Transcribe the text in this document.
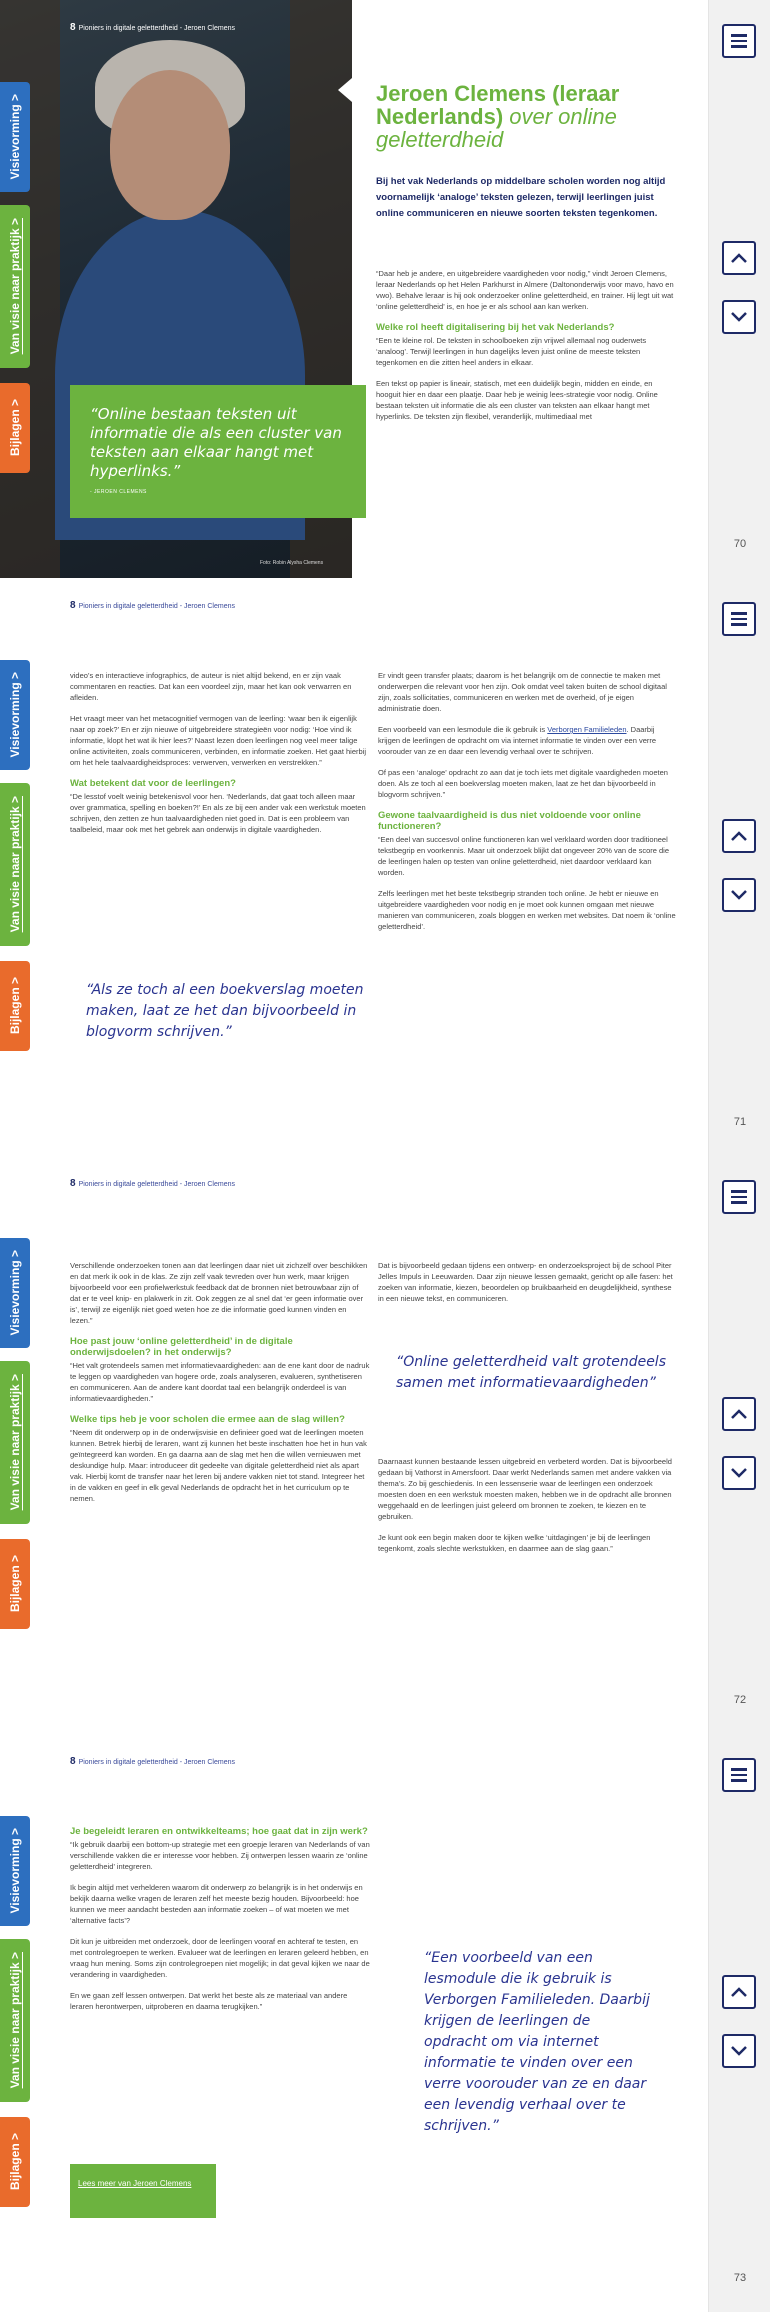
8 Pioniers in digitale geletterdheid - Jeroen Clemens
Foto: Robin Alysha Clemens
“Online bestaan teksten uit informatie die als een cluster van teksten aan elkaar hangt met hyperlinks.”
- JEROEN CLEMENS
Visievorming >
Van visie naar praktijk >
Bijlagen >
Jeroen Clemens (leraar Nederlands) over online geletterdheid
Bij het vak Nederlands op middelbare scholen worden nog altijd voornamelijk ‘analoge’ teksten gelezen, terwijl leerlingen juist online communiceren en nieuwe soorten teksten tegenkomen.

“Daar heb je andere, en uitgebreidere vaardigheden voor nodig,” vindt Jeroen Clemens, leraar Nederlands op het Helen Parkhurst in Almere (Daltononderwijs voor mavo, havo en vwo). Behalve leraar is hij ook onderzoeker online geletterdheid, en trainer. Hij legt uit wat ‘online geletterdheid’ is, en hoe je er als school aan kan werken.

Welke rol heeft digitalisering bij het vak Nederlands?

“Een te kleine rol. De teksten in schoolboeken zijn vrijwel allemaal nog ouderwets ‘analoog’. Terwijl leerlingen in hun dagelijks leven juist online de meeste teksten tegenkomen en die zitten heel anders in elkaar.

Een tekst op papier is lineair, statisch, met een duidelijk begin, midden en einde, en hooguit hier en daar een plaatje. Daar heb je weinig lees-strategie voor nodig. Online bestaan teksten uit informatie die als een cluster van teksten aan elkaar hangt met hyperlinks. De teksten zijn flexibel, veranderlijk, multimediaal met

70
8 Pioniers in digitale geletterdheid - Jeroen Clemens
Visievorming >
Van visie naar praktijk >
Bijlagen >

video’s en interactieve infographics, de auteur is niet altijd bekend, en er zijn vaak commentaren en reacties. Dat kan een voordeel zijn, maar het kan ook verwarren en afleiden.

Het vraagt meer van het metacognitief vermogen van de leerling: ‘waar ben ik eigenlijk naar op zoek?’ En er zijn nieuwe of uitgebreidere strategieën voor nodig: ‘Hoe vind ik informatie, klopt het wat ik hier lees?’ Naast lezen doen leerlingen nog veel meer talige online activiteiten, zoals communiceren, verbinden, en informatie zoeken. Het gaat hierbij om het hele taalvaardigheidsproces: verwerven, verwerken en verstrekken.”

Wat betekent dat voor de leerlingen?

“De lesstof voelt weinig betekenisvol voor hen. ‘Nederlands, dat gaat toch alleen maar over grammatica, spelling en boeken?!’ En als ze bij een ander vak een werkstuk moeten schrijven, den zetten ze hun taalvaardigheden niet goed in. Dat is een probleem van taalbeleid, maar ook met het gebrek aan onderwijs in digitale vaardigheden.

“Als ze toch al een boekverslag moeten maken, laat ze het dan bijvoorbeeld in blogvorm schrijven.”

Er vindt geen transfer plaats; daarom is het belangrijk om de connectie te maken met onderwerpen die relevant voor hen zijn. Ook omdat veel taken buiten de school digitaal zijn, zoals sollicitaties, communiceren en werken met de overheid, of je eigen administratie doen.

Een voorbeeld van een lesmodule die ik gebruik is Verborgen Familieleden. Daarbij krijgen de leerlingen de opdracht om via internet informatie te vinden over een verre voorouder van ze en daar een levendig verhaal over te schrijven.

Of pas een ‘analoge’ opdracht zo aan dat je toch iets met digitale vaardigheden moeten doen. Als ze toch al een boekverslag moeten maken, laat ze het dan bijvoorbeeld in blogvorm schrijven.”

Gewone taalvaardigheid is dus niet voldoende voor online functioneren?

“Een deel van succesvol online functioneren kan wel verklaard worden door traditioneel tekstbegrip en voorkennis. Maar uit onderzoek blijkt dat ongeveer 20% van de score die de leerlingen halen op testen van online geletterdheid, niet daardoor verklaard kan worden.

Zelfs leerlingen met het beste tekstbegrip stranden toch online. Je hebt er nieuwe en uitgebreidere vaardigheden voor nodig en je moet ook kunnen omgaan met nieuwe manieren van communiceren, zoals bloggen en werken met websites. Dat noem ik ‘online geletterdheid’.

71
8 Pioniers in digitale geletterdheid - Jeroen Clemens
Visievorming >
Van visie naar praktijk >
Bijlagen >

Verschillende onderzoeken tonen aan dat leerlingen daar niet uit zichzelf over beschikken en dat merk ik ook in de klas. Ze zijn zelf vaak tevreden over hun werk, maar krijgen bijvoorbeeld voor een profielwerkstuk feedback dat de bronnen niet betrouwbaar zijn of dat er te veel knip- en plakwerk in zit. Ook zeggen ze al snel dat ‘er geen informatie over is’, terwijl ze eigenlijk niet goed weten hoe ze die informatie goed kunnen vinden en lezen.”

Hoe past jouw ‘online geletterdheid’ in de digitale onderwijsdoelen? in het onderwijs?

“Het valt grotendeels samen met informatievaardigheden: aan de ene kant door de nadruk te leggen op vaardigheden van hogere orde, zoals analyseren, evalueren, synthetiseren en communiceren. Aan de andere kant doordat taal een belangrijk onderdeel is van informatievaardigheden.”

Welke tips heb je voor scholen die ermee aan de slag willen?

“Neem dit onderwerp op in de onderwijsvisie en definieer goed wat de leerlingen moeten kunnen. Betrek hierbij de leraren, want zij kunnen het beste inschatten hoe het in hun vak geïntegreerd kan worden. En ga daarna aan de slag met hen die willen vernieuwen met deskundige hulp. Maar: introduceer dit gedeelte van digitale geletterdheid niet als apart vak. Hierbij komt de transfer naar het leren bij andere vakken niet tot stand. Integreer het in de vakken en geef in elk geval Nederlands de opdracht het in het curriculum op te nemen.

Dat is bijvoorbeeld gedaan tijdens een ontwerp- en onderzoeksproject bij de school Piter Jelles Impuls in Leeuwarden. Daar zijn nieuwe lessen gemaakt, gericht op alle fasen: het zoeken van informatie, kiezen, beoordelen op bruikbaarheid en deugdelijkheid, synthese in een nieuwe tekst, en communiceren.

“Online geletterdheid valt grotendeels samen met informatievaardigheden”

Daarnaast kunnen bestaande lessen uitgebreid en verbeterd worden. Dat is bijvoorbeeld gedaan bij Vathorst in Amersfoort. Daar werkt Nederlands samen met andere vakken via thema’s. Zo bij geschiedenis. In een lessenserie waar de leerlingen een onderzoek moesten doen en een werkstuk moesten maken, hebben we in de opdracht alle bronnen weggehaald en de leerlingen juist geleerd om bronnen te zoeken, te kiezen en te gebruiken.

Je kunt ook een begin maken door te kijken welke ‘uitdagingen’ je bij de leerlingen tegenkomt, zoals slechte werkstukken, en daarmee aan de slag gaan.”

72
8 Pioniers in digitale geletterdheid - Jeroen Clemens
Visievorming >
Van visie naar praktijk >
Bijlagen >
Je begeleidt leraren en ontwikkelteams; hoe gaat dat in zijn werk?

“Ik gebruik daarbij een bottom-up strategie met een groepje leraren van Nederlands of van verschillende vakken die er interesse voor hebben. Zij ontwerpen lessen waarin ze ‘online geletterdheid’ integreren.

Ik begin altijd met verhelderen waarom dit onderwerp zo belangrijk is in het onderwijs en bekijk daarna welke vragen de leraren zelf het meeste bezig houden. Bijvoorbeeld: hoe kunnen we meer aandacht besteden aan informatie zoeken – of wat moeten we met ‘alternative facts’?

Dit kun je uitbreiden met onderzoek, door de leerlingen vooraf en achteraf te testen, en met controlegroepen te werken. Evalueer wat de leerlingen en leraren geleerd hebben, en vraag hun mening. Soms zijn controlegroepen niet mogelijk; in dat geval kijken we naar de verandering in vaardigheden.

En we gaan zelf lessen ontwerpen. Dat werkt het beste als ze materiaal van andere leraren herontwerpen, uitproberen en daarna terugkijken.”

Lees meer van Jeroen Clemens
“Een voorbeeld van een lesmodule die ik gebruik is Verborgen Familieleden. Daarbij krijgen de leerlingen de opdracht om via internet informatie te vinden over een verre voorouder van ze en daar een levendig verhaal over te schrijven.”
73
